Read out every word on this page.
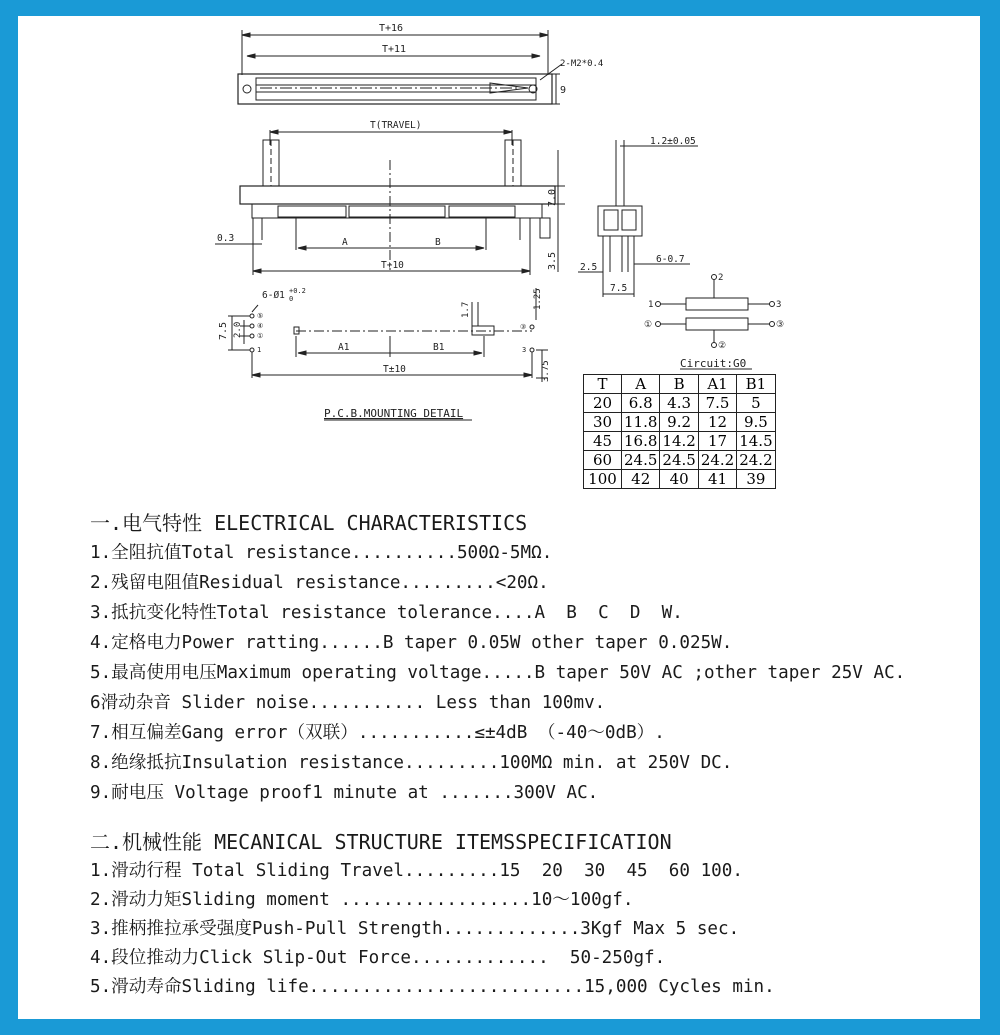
T+16
T+11
2-M2*0.4
9
T(TRAVEL)
0.3	A	B
T+10
7.0
3.5
1.2±0.05
2.5
6-0.7
7.5
6-Ø1 +0.2
0
⑤
④
①
1
7.5 2.0
1.7
③
3
1.25
A1	B1
T±10	3.75
P.C.B.MOUNTING DETAIL
2
1	3
①	③
②
Circuit:G0
T	A	B	A1	B1
20	6.8	4.3	7.5	5
30	11.8	9.2	12	9.5
45	16.8	14.2	17	14.5
60	24.5	24.5	24.2	24.2
100	42	40	41	39
一.电气特性 ELECTRICAL CHARACTERISTICS
1.全阻抗值Total resistance..........500Ω-5MΩ.
2.残留电阻值Residual resistance.........<20Ω.
3.抵抗变化特性Total resistance tolerance....A  B  C  D  W.
4.定格电力Power ratting......B taper 0.05W other taper 0.025W.
5.最高使用电压Maximum operating voltage.....B taper 50V AC ;other taper 25V AC.
6滑动杂音 Slider noise........... Less than 100mv.
7.相互偏差Gang error（双联）...........≤±4dB （-40～0dB）.
8.绝缘抵抗Insulation resistance.........100MΩ min. at 250V DC.
9.耐电压 Voltage proof1 minute at .......300V AC.
二.机械性能 MECANICAL STRUCTURE ITEMSSPECIFICATION
1.滑动行程 Total Sliding Travel.........15  20  30  45  60 100.
2.滑动力矩Sliding moment ..................10～100gf.
3.推柄推拉承受强度Push-Pull Strength.............3Kgf Max 5 sec.
4.段位推动力Click Slip-Out Force.............  50-250gf.
5.滑动寿命Sliding life..........................15,000 Cycles min.
